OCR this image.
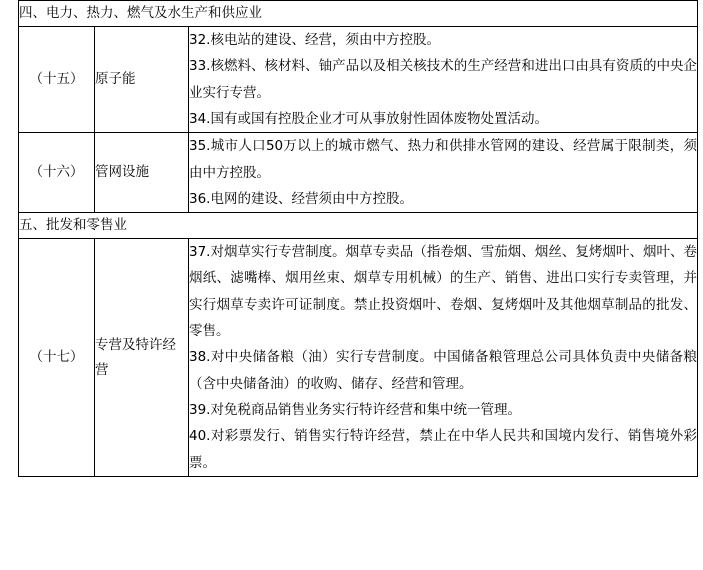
四、电力、热力、燃气及水生产和供应业		
（十五）	原子能	32.核电站的建设、经营，须由中方控股。

33.核燃料、核材料、铀产品以及相关核技术的生产经营和进出口由具有资质的中央企业实行专营。

34.国有或国有控股企业才可从事放射性固体废物处置活动。

（十六）	管网设施	35.城市人口50万以上的城市燃气、热力和供排水管网的建设、经营属于限制类，须由中方控股。

36.电网的建设、经营须由中方控股。

五、批发和零售业		
（十七）	专营及特许经营	37.对烟草实行专营制度。烟草专卖品（指卷烟、雪茄烟、烟丝、复烤烟叶、烟叶、卷烟纸、滤嘴棒、烟用丝束、烟草专用机械）的生产、销售、进出口实行专卖管理，并实行烟草专卖许可证制度。禁止投资烟叶、卷烟、复烤烟叶及其他烟草制品的批发、零售。

38.对中央储备粮（油）实行专营制度。中国储备粮管理总公司具体负责中央储备粮（含中央储备油）的收购、储存、经营和管理。

39.对免税商品销售业务实行特许经营和集中统一管理。

40.对彩票发行、销售实行特许经营，禁止在中华人民共和国境内发行、销售境外彩票。
